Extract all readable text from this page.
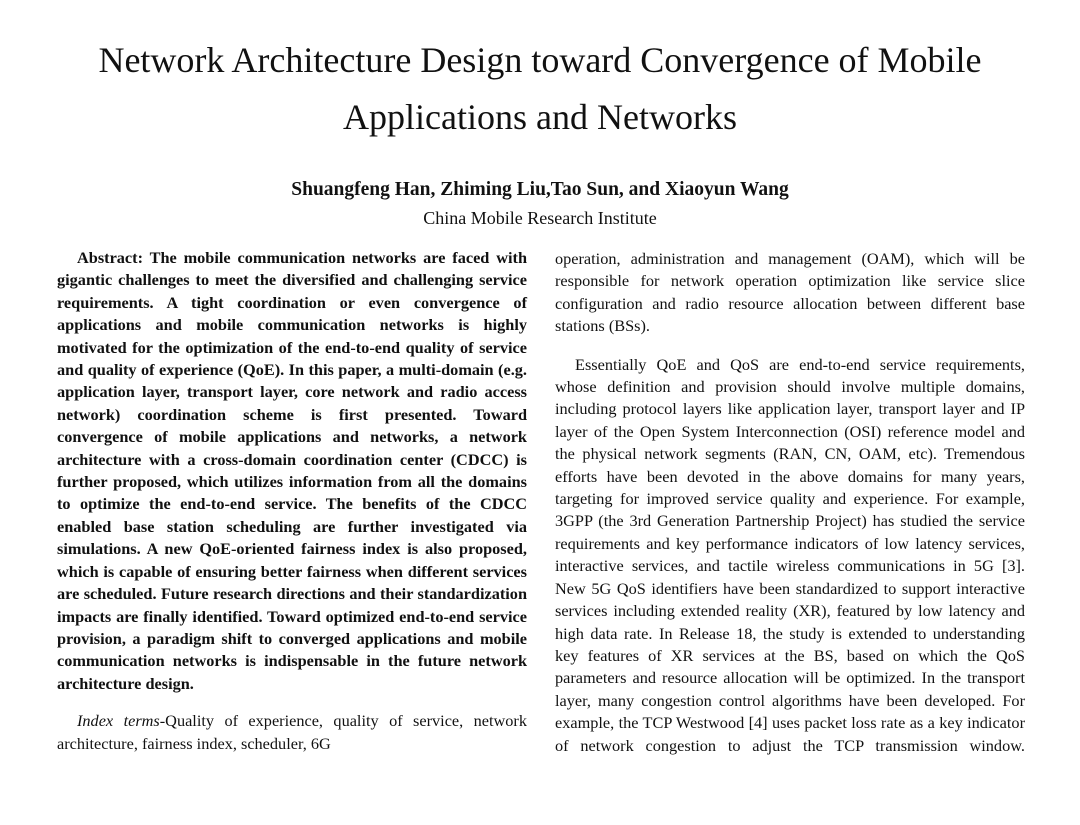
Network Architecture Design toward Convergence of Mobile
Applications and Networks
Shuangfeng Han, Zhiming Liu,Tao Sun, and Xiaoyun Wang
China Mobile Research Institute

Abstract: The mobile communication networks are faced with gigantic challenges to meet the diversified and challenging service requirements. A tight coordination or even convergence of applications and mobile communication networks is highly motivated for the optimization of the end-to-end quality of service and quality of experience (QoE). In this paper, a multi-domain (e.g. application layer, transport layer, core network and radio access network) coordination scheme is first presented. Toward convergence of mobile applications and networks, a network architecture with a cross-domain coordination center (CDCC) is further proposed, which utilizes information from all the domains to optimize the end-to-end service. The benefits of the CDCC enabled base station scheduling are further investigated via simulations. A new QoE-oriented fairness index is also proposed, which is capable of ensuring better fairness when different services are scheduled. Future research directions and their standardization impacts are finally identified. Toward optimized end-to-end service provision, a paradigm shift to converged applications and mobile communication networks is indispensable in the future network architecture design.

Index terms-Quality of experience, quality of service, network architecture, fairness index, scheduler, 6G

operation, administration and management (OAM), which will be responsible for network operation optimization like service slice configuration and radio resource allocation between different base stations (BSs).

Essentially QoE and QoS are end-to-end service requirements, whose definition and provision should involve multiple domains, including protocol layers like application layer, transport layer and IP layer of the Open System Interconnection (OSI) reference model and the physical network segments (RAN, CN, OAM, etc). Tremendous efforts have been devoted in the above domains for many years, targeting for improved service quality and experience. For example, 3GPP (the 3rd Generation Partnership Project) has studied the service requirements and key performance indicators of low latency services, interactive services, and tactile wireless communications in 5G [3]. New 5G QoS identifiers have been standardized to support interactive services including extended reality (XR), featured by low latency and high data rate. In Release 18, the study is extended to understanding key features of XR services at the BS, based on which the QoS parameters and resource allocation will be optimized. In the transport layer, many congestion control algorithms have been developed. For example, the TCP Westwood [4] uses packet loss rate as a key indicator of network congestion to adjust the TCP transmission window.
